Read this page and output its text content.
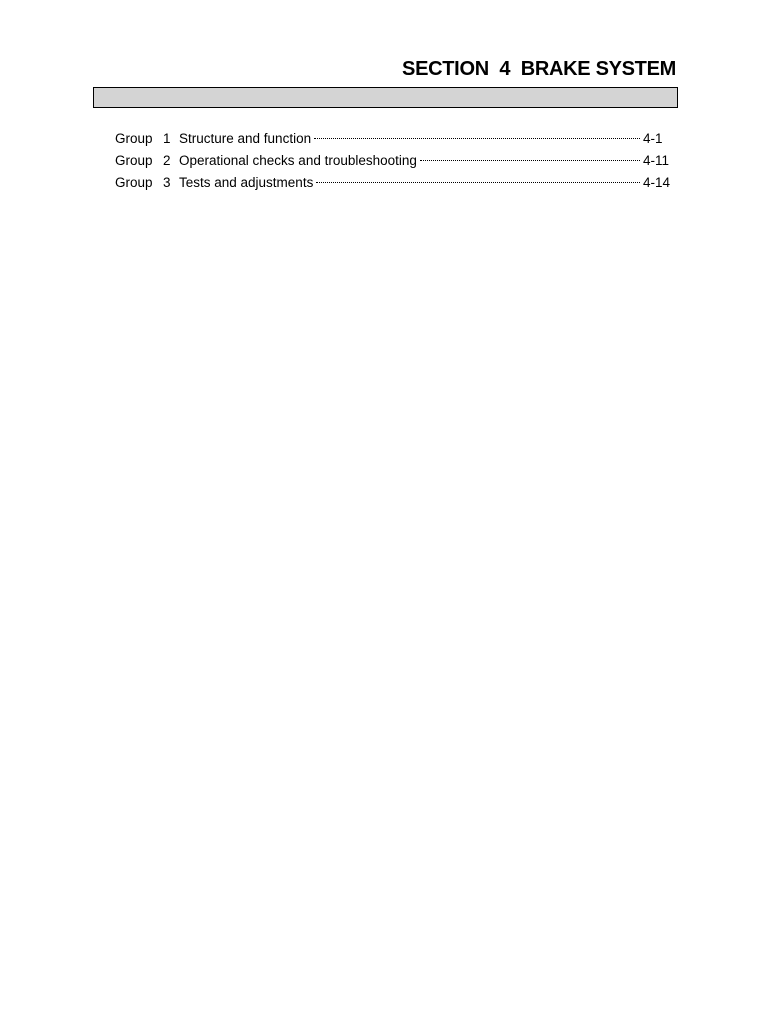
SECTION  4  BRAKE SYSTEM
Group 1 Structure and function	4-1
Group 2 Operational checks and troubleshooting	4-11
Group 3 Tests and adjustments	4-14
